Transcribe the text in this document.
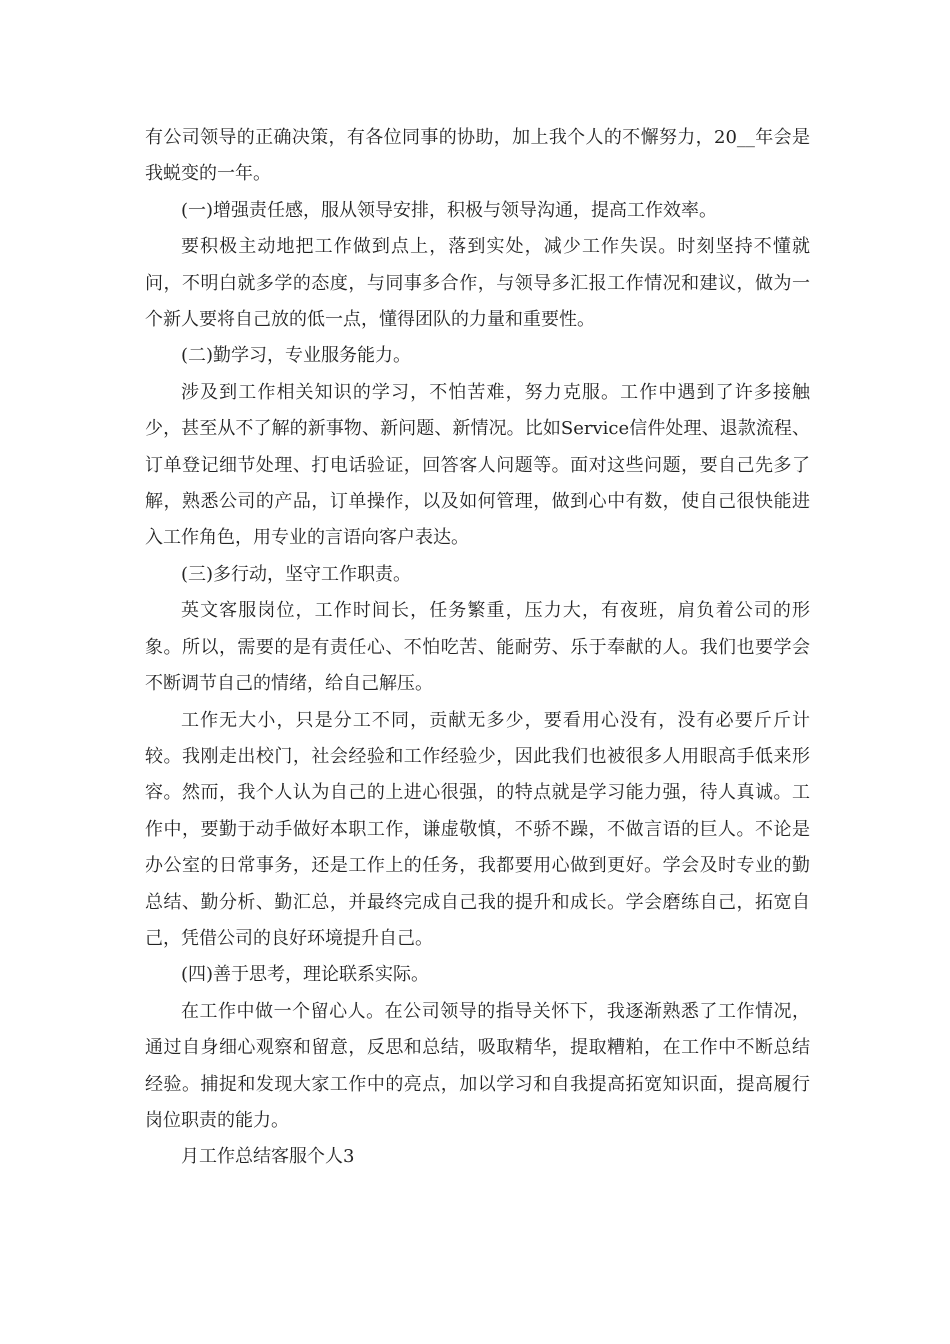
有公司领导的正确决策，有各位同事的协助，加上我个人的不懈努力，20__年会是我蜕变的一年。

(一)增强责任感，服从领导安排，积极与领导沟通，提高工作效率。

要积极主动地把工作做到点上，落到实处，减少工作失误。时刻坚持不懂就问，不明白就多学的态度，与同事多合作，与领导多汇报工作情况和建议，做为一个新人要将自己放的低一点，懂得团队的力量和重要性。

(二)勤学习，专业服务能力。

涉及到工作相关知识的学习，不怕苦难，努力克服。工作中遇到了许多接触少，甚至从不了解的新事物、新问题、新情况。比如Service信件处理、退款流程、订单登记细节处理、打电话验证，回答客人问题等。面对这些问题，要自己先多了解，熟悉公司的产品，订单操作，以及如何管理，做到心中有数，使自己很快能进入工作角色，用专业的言语向客户表达。

(三)多行动，坚守工作职责。

英文客服岗位，工作时间长，任务繁重，压力大，有夜班，肩负着公司的形象。所以，需要的是有责任心、不怕吃苦、能耐劳、乐于奉献的人。我们也要学会不断调节自己的情绪，给自己解压。

工作无大小，只是分工不同，贡献无多少，要看用心没有，没有必要斤斤计较。我刚走出校门，社会经验和工作经验少，因此我们也被很多人用眼高手低来形容。然而，我个人认为自己的上进心很强，的特点就是学习能力强，待人真诚。工作中，要勤于动手做好本职工作，谦虚敬慎，不骄不躁，不做言语的巨人。不论是办公室的日常事务，还是工作上的任务，我都要用心做到更好。学会及时专业的勤总结、勤分析、勤汇总，并最终完成自己我的提升和成长。学会磨练自己，拓宽自己，凭借公司的良好环境提升自己。

(四)善于思考，理论联系实际。

在工作中做一个留心人。在公司领导的指导关怀下，我逐渐熟悉了工作情况，通过自身细心观察和留意，反思和总结，吸取精华，提取糟粕，在工作中不断总结经验。捕捉和发现大家工作中的亮点，加以学习和自我提高拓宽知识面，提高履行岗位职责的能力。

月工作总结客服个人3
